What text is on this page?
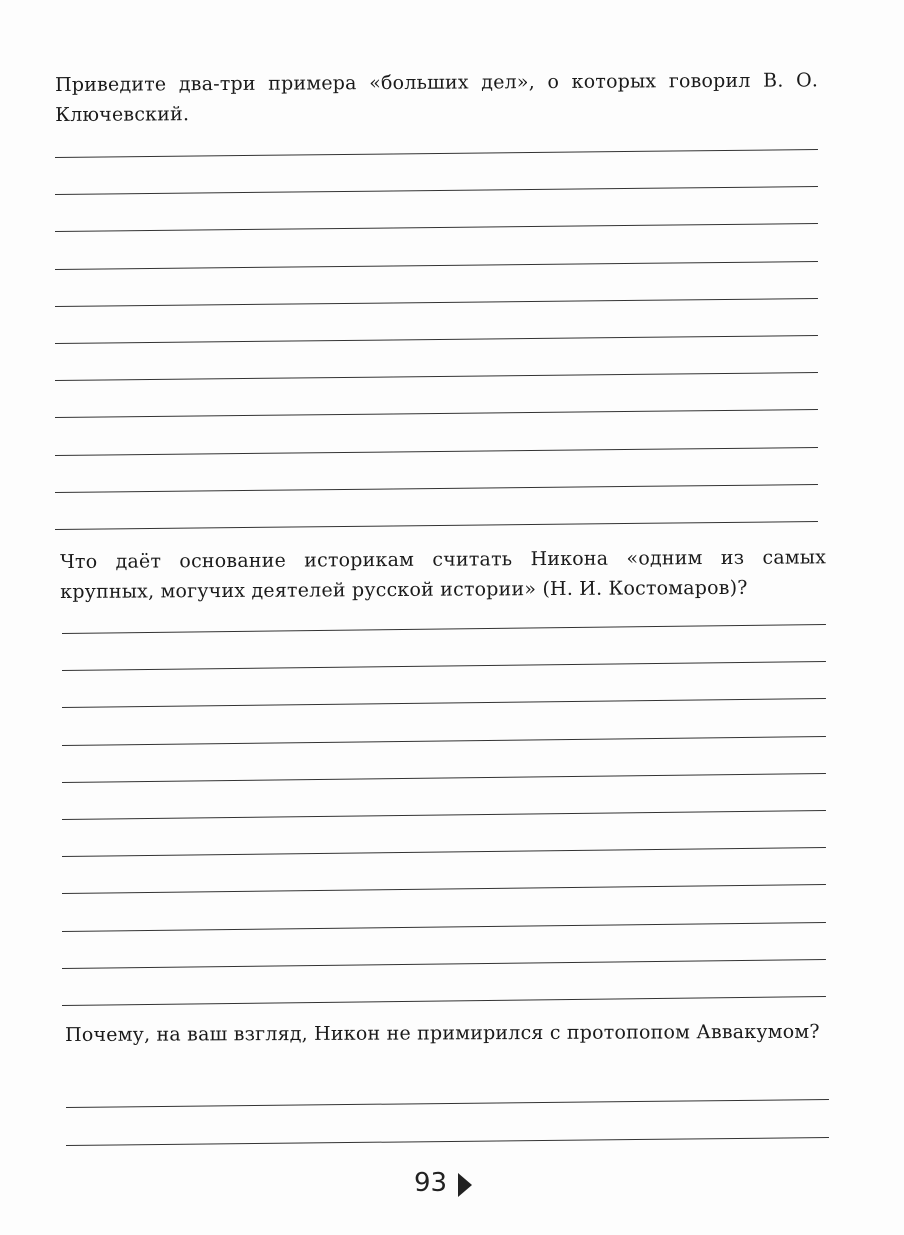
Приведите два-три примера «больших дел», о которых говорил В. О. Ключевский.

Что даёт основание историкам считать Никона «одним из самых крупных, могучих деятелей русской истории» (Н. И. Костомаров)?

Почему, на ваш взгляд, Никон не примирился с протопопом Аввакумом?

93
